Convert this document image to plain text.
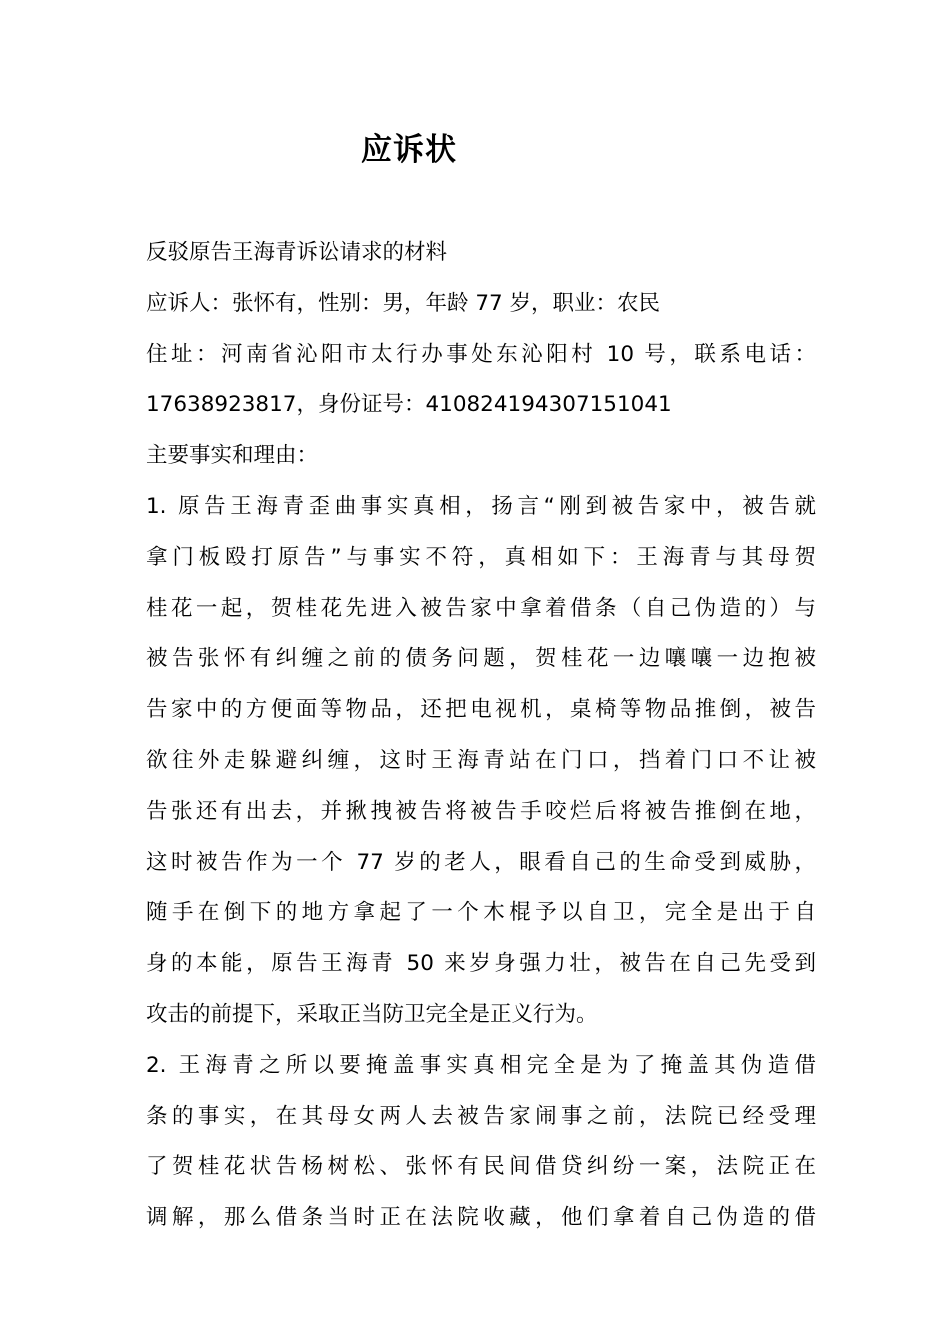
应诉状
反驳原告王海青诉讼请求的材料
应诉人：张怀有，性别：男，年龄 77 岁，职业：农民
住址：河南省沁阳市太行办事处东沁阳村 10 号，联系电话：
17638923817，身份证号：410824194307151041
主要事实和理由：
1. 原告王海青歪曲事实真相，扬言“刚到被告家中，被告就
拿门板殴打原告”与事实不符，真相如下：王海青与其母贺
桂花一起，贺桂花先进入被告家中拿着借条（自己伪造的）与
被告张怀有纠缠之前的债务问题，贺桂花一边嚷嚷一边抱被
告家中的方便面等物品，还把电视机，桌椅等物品推倒，被告
欲往外走躲避纠缠，这时王海青站在门口，挡着门口不让被
告张还有出去，并揪拽被告将被告手咬烂后将被告推倒在地，
这时被告作为一个 77 岁的老人，眼看自己的生命受到威胁，
随手在倒下的地方拿起了一个木棍予以自卫，完全是出于自
身的本能，原告王海青 50 来岁身强力壮，被告在自己先受到
攻击的前提下，采取正当防卫完全是正义行为。
2. 王海青之所以要掩盖事实真相完全是为了掩盖其伪造借
条的事实，在其母女两人去被告家闹事之前，法院已经受理
了贺桂花状告杨树松、张怀有民间借贷纠纷一案，法院正在
调解，那么借条当时正在法院收藏，他们拿着自己伪造的借
